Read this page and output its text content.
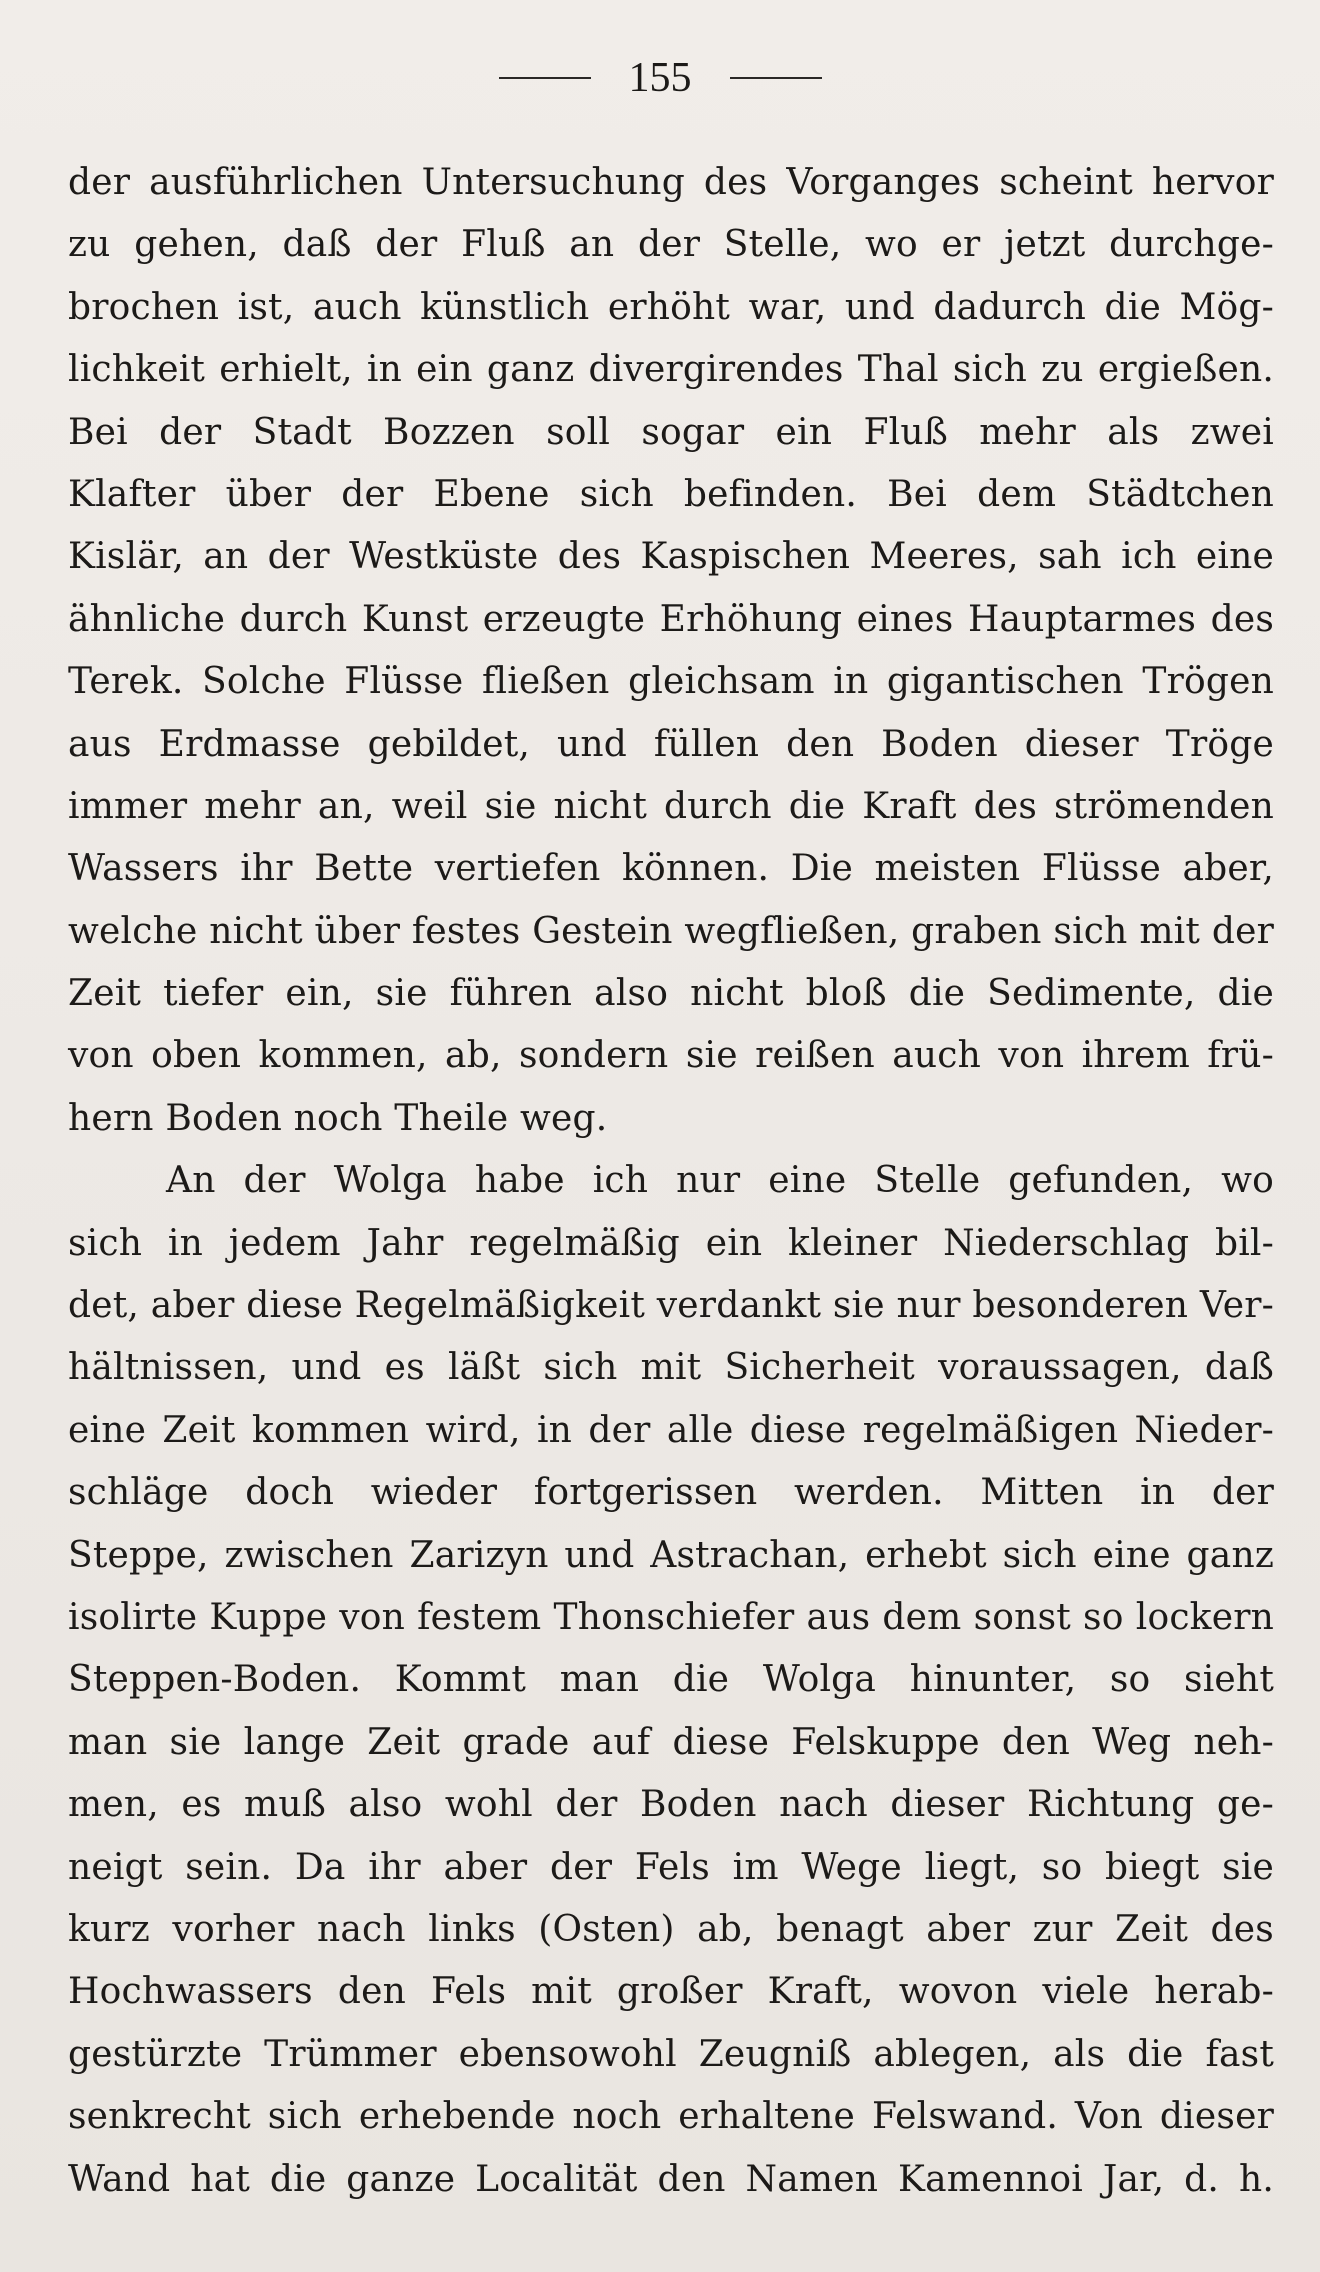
155
der ausführlichen Untersuchung des Vorganges scheint hervor
zu gehen, daß der Fluß an der Stelle, wo er jetzt durchge-
brochen ist, auch künstlich erhöht war, und dadurch die Mög-
lichkeit erhielt, in ein ganz divergirendes Thal sich zu ergießen.
Bei der Stadt Bozzen soll sogar ein Fluß mehr als zwei
Klafter über der Ebene sich befinden. Bei dem Städtchen
Kislär, an der Westküste des Kaspischen Meeres, sah ich eine
ähnliche durch Kunst erzeugte Erhöhung eines Hauptarmes des
Terek. Solche Flüsse fließen gleichsam in gigantischen Trögen
aus Erdmasse gebildet, und füllen den Boden dieser Tröge
immer mehr an, weil sie nicht durch die Kraft des strömenden
Wassers ihr Bette vertiefen können. Die meisten Flüsse aber,
welche nicht über festes Gestein wegfließen, graben sich mit der
Zeit tiefer ein, sie führen also nicht bloß die Sedimente, die
von oben kommen, ab, sondern sie reißen auch von ihrem frü-
hern Boden noch Theile weg.
An der Wolga habe ich nur eine Stelle gefunden, wo
sich in jedem Jahr regelmäßig ein kleiner Niederschlag bil-
det, aber diese Regelmäßigkeit verdankt sie nur besonderen Ver-
hältnissen, und es läßt sich mit Sicherheit voraussagen, daß
eine Zeit kommen wird, in der alle diese regelmäßigen Nieder-
schläge doch wieder fortgerissen werden. Mitten in der
Steppe, zwischen Zarizyn und Astrachan, erhebt sich eine ganz
isolirte Kuppe von festem Thonschiefer aus dem sonst so lockern
Steppen-Boden. Kommt man die Wolga hinunter, so sieht
man sie lange Zeit grade auf diese Felskuppe den Weg neh-
men, es muß also wohl der Boden nach dieser Richtung ge-
neigt sein. Da ihr aber der Fels im Wege liegt, so biegt sie
kurz vorher nach links (Osten) ab, benagt aber zur Zeit des
Hochwassers den Fels mit großer Kraft, wovon viele herab-
gestürzte Trümmer ebensowohl Zeugniß ablegen, als die fast
senkrecht sich erhebende noch erhaltene Felswand. Von dieser
Wand hat die ganze Localität den Namen Kamennoi Jar, d. h.
